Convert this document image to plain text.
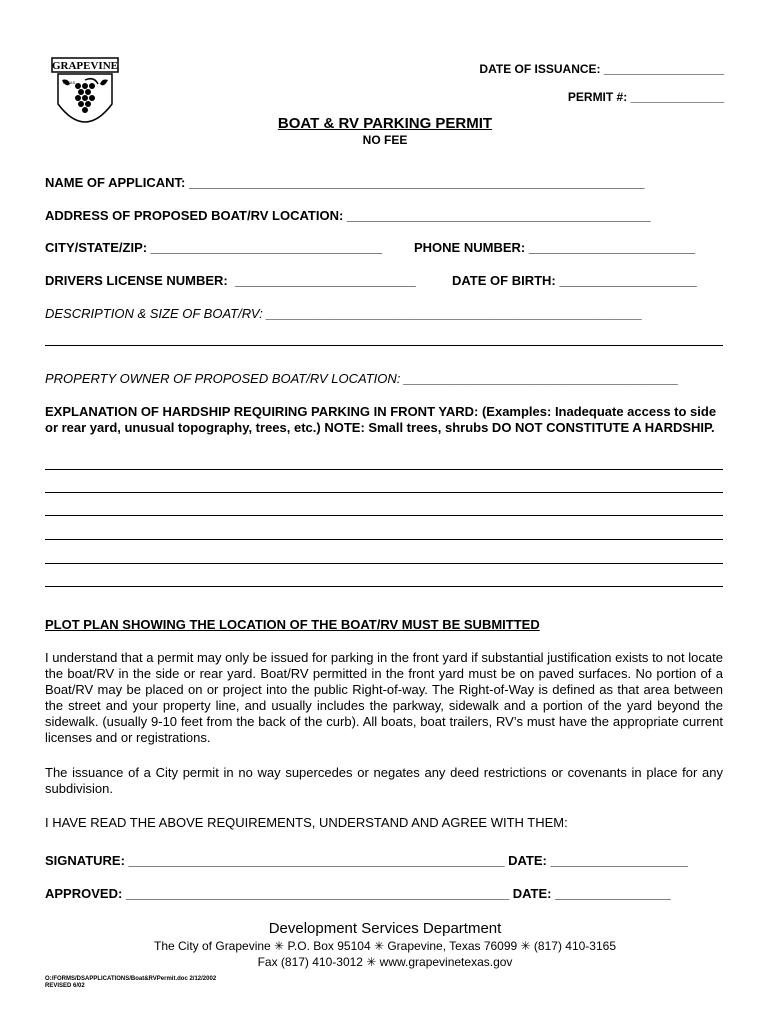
GRAPEVINE
TEXAS
DATE OF ISSUANCE: __________________
PERMIT #: ______________
BOAT & RV PARKING PERMIT
NO FEE
NAME OF APPLICANT: _______________________________________________________________
ADDRESS OF PROPOSED BOAT/RV LOCATION: __________________________________________
CITY/STATE/ZIP: ________________________________ PHONE NUMBER: _______________________
DRIVERS LICENSE NUMBER:  _________________________	DATE OF BIRTH: ___________________
DESCRIPTION & SIZE OF BOAT/RV: ____________________________________________________
PROPERTY OWNER OF PROPOSED BOAT/RV LOCATION: ______________________________________
EXPLANATION OF HARDSHIP REQUIRING PARKING IN FRONT YARD: (Examples: Inadequate access to side or rear yard, unusual topography, trees, etc.) NOTE: Small trees, shrubs DO NOT CONSTITUTE A HARDSHIP.
PLOT PLAN SHOWING THE LOCATION OF THE BOAT/RV MUST BE SUBMITTED
I understand that a permit may only be issued for parking in the front yard if substantial justification exists to not locate the boat/RV in the side or rear yard. Boat/RV permitted in the front yard must be on paved surfaces. No portion of a Boat/RV may be placed on or project into the public Right-of-way. The Right-of-Way is defined as that area between the street and your property line, and usually includes the parkway, sidewalk and a portion of the yard beyond the sidewalk. (usually 9-10 feet from the back of the curb). All boats, boat trailers, RV’s must have the appropriate current licenses and or registrations.
The issuance of a City permit in no way supercedes or negates any deed restrictions or covenants in place for any subdivision.
I HAVE READ THE ABOVE REQUIREMENTS, UNDERSTAND AND AGREE WITH THEM:
SIGNATURE: ____________________________________________________ DATE: ___________________
APPROVED: _____________________________________________________ DATE: ________________
Development Services Department
The City of Grapevine ✳ P.O. Box 95104 ✳ Grapevine, Texas 76099 ✳ (817) 410-3165
Fax (817) 410-3012 ✳ www.grapevinetexas.gov
O:/FORMS/DSAPPLICATIONS/Boat&RVPermit.doc 2/12/2002
REVISED 6/02
